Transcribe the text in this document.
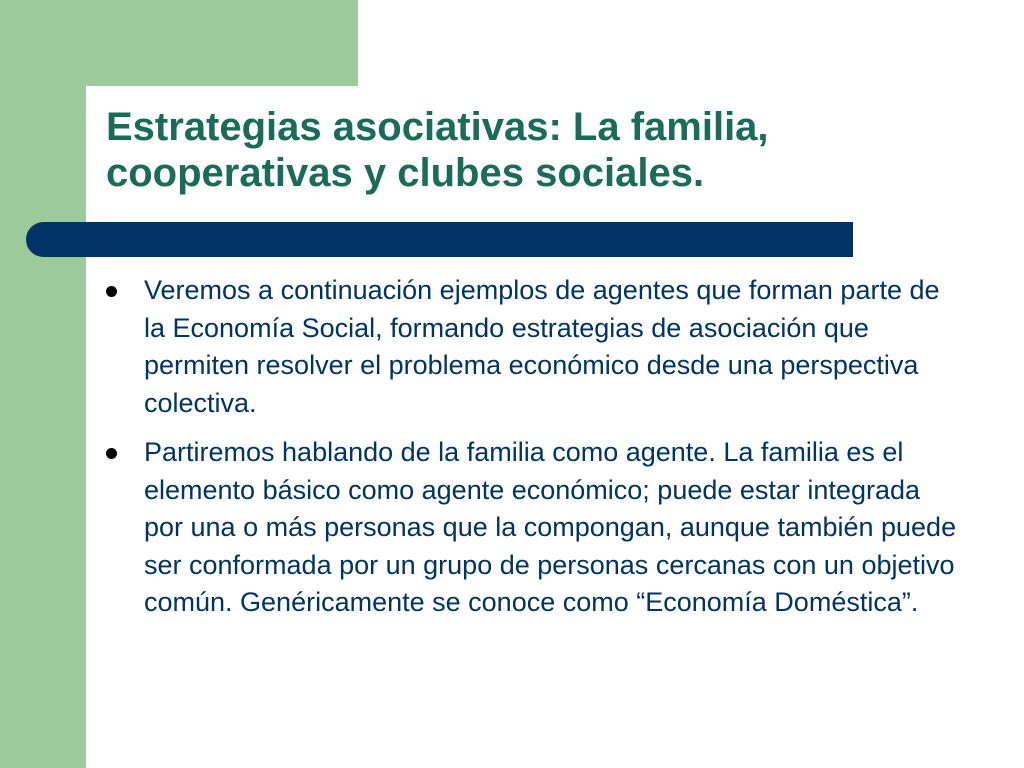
Estrategias asociativas: La familia, cooperativas y clubes sociales.
Veremos a continuación ejemplos de agentes que forman parte de la Economía Social, formando estrategias de asociación que permiten resolver el problema económico desde una perspectiva colectiva.
Partiremos hablando de la familia como agente. La familia es el elemento básico como agente económico; puede estar integrada por una o más personas que la compongan, aunque también puede ser conformada por un grupo de personas cercanas con un objetivo común. Genéricamente se conoce como “Economía Doméstica”.
